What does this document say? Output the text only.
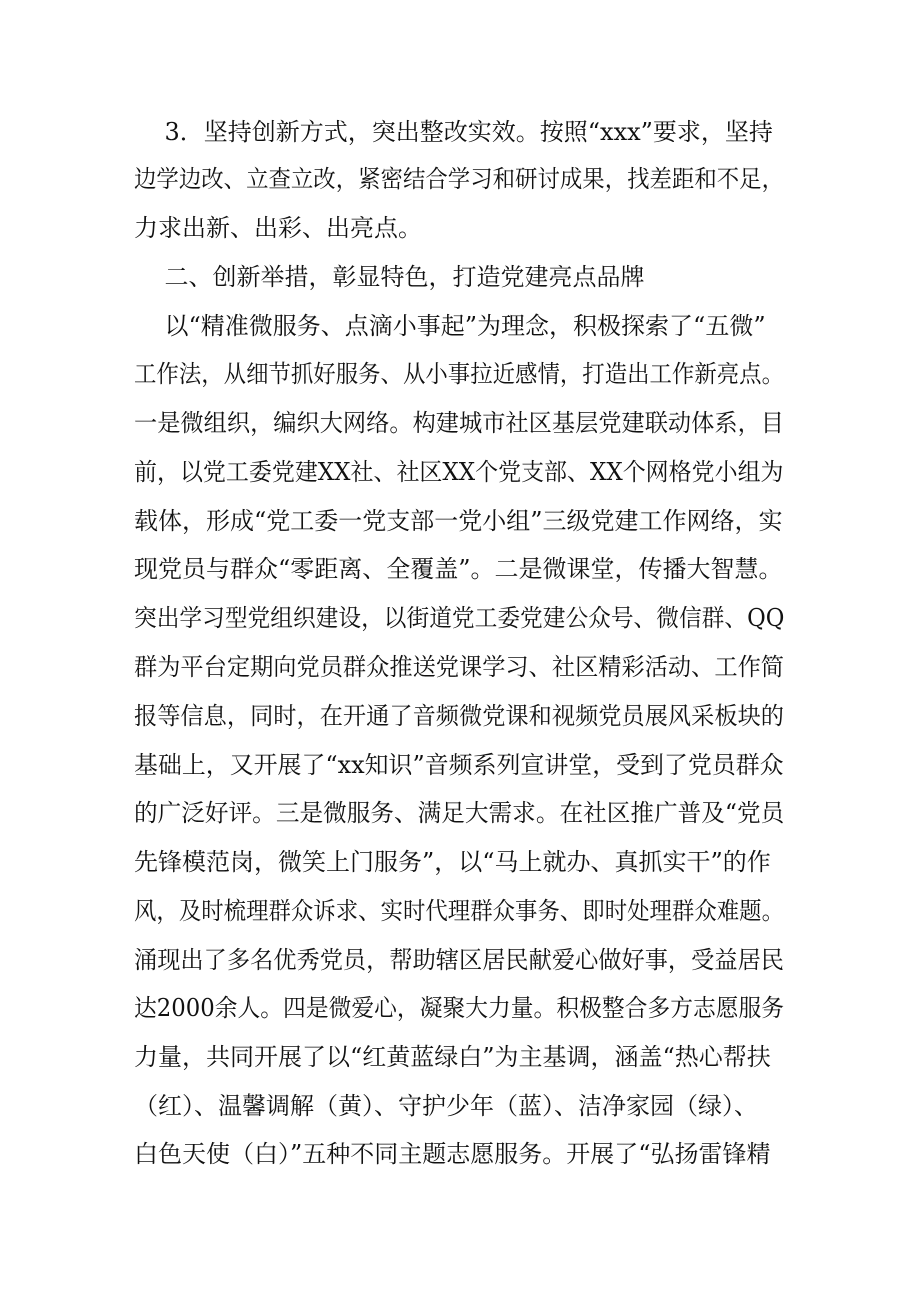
3．坚持创新方式，突出整改实效。按照“xxx”要求，坚持
边学边改、立查立改，紧密结合学习和研讨成果，找差距和不足，
力求出新、出彩、出亮点。
二、创新举措，彰显特色，打造党建亮点品牌
以“精准微服务、点滴小事起”为理念，积极探索了“五微”
工作法，从细节抓好服务、从小事拉近感情，打造出工作新亮点。
一是微组织，编织大网络。构建城市社区基层党建联动体系，目
前，以党工委党建XX社、社区XX个党支部、XX个网格党小组为
载体，形成“党工委一党支部一党小组”三级党建工作网络，实
现党员与群众“零距离、全覆盖”。二是微课堂，传播大智慧。
突出学习型党组织建设，以街道党工委党建公众号、微信群、QQ
群为平台定期向党员群众推送党课学习、社区精彩活动、工作简
报等信息，同时，在开通了音频微党课和视频党员展风采板块的
基础上，又开展了“xx知识”音频系列宣讲堂，受到了党员群众
的广泛好评。三是微服务、满足大需求。在社区推广普及“党员
先锋模范岗，微笑上门服务”，以“马上就办、真抓实干”的作
风，及时梳理群众诉求、实时代理群众事务、即时处理群众难题。
涌现出了多名优秀党员，帮助辖区居民献爱心做好事，受益居民
达2000余人。四是微爱心，凝聚大力量。积极整合多方志愿服务
力量，共同开展了以“红黄蓝绿白”为主基调，涵盖“热心帮扶
（红）、温馨调解（黄）、守护少年（蓝）、洁净家园（绿）、
白色天使（白）”五种不同主题志愿服务。开展了“弘扬雷锋精
